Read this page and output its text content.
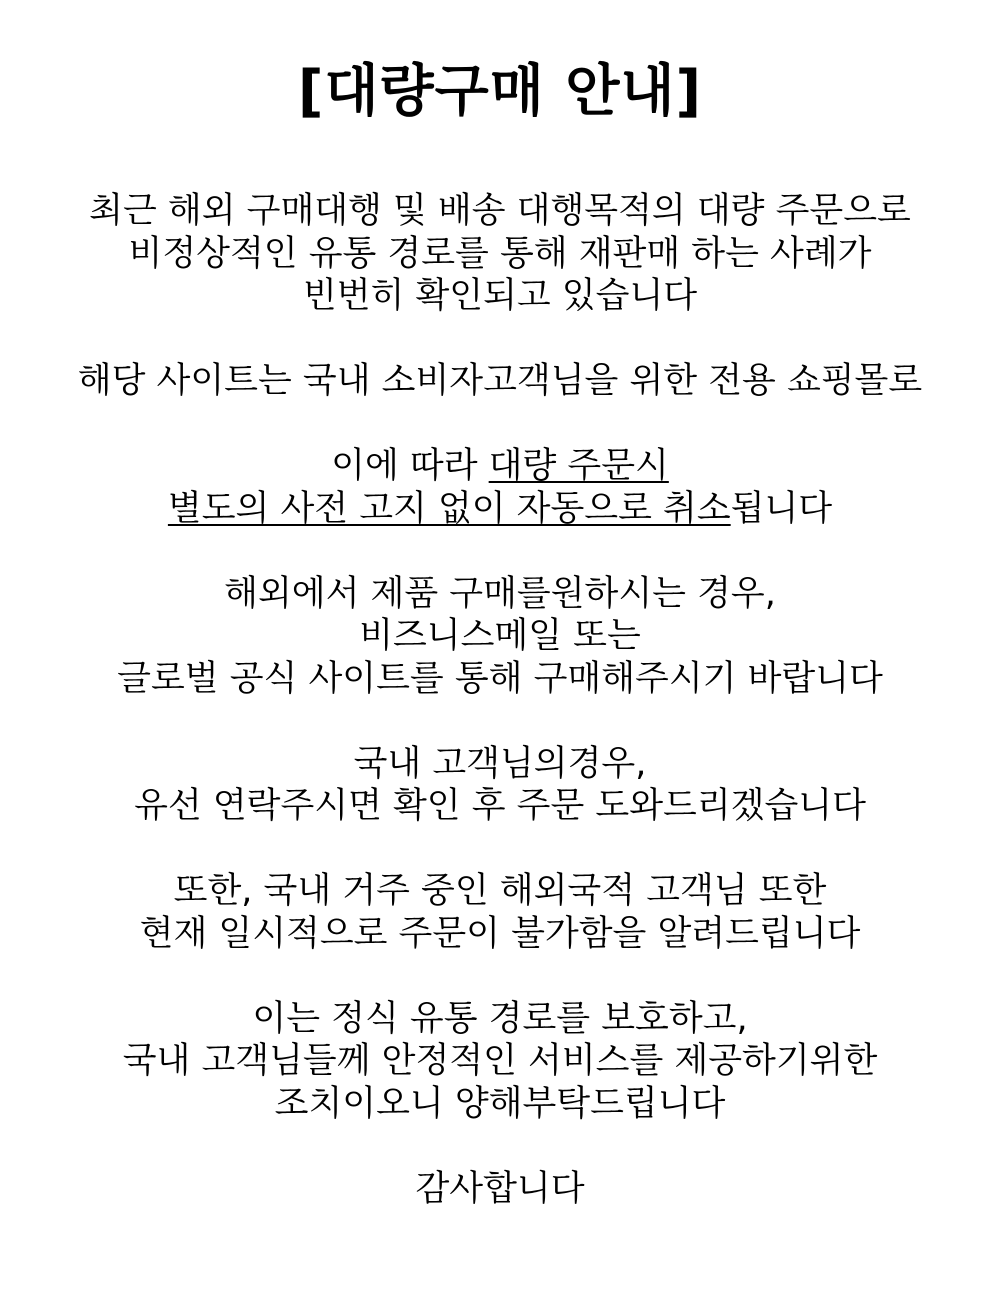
[대량구매 안내]
최근 해외 구매대행 및 배송 대행목적의 대량 주문으로
비정상적인 유통 경로를 통해 재판매 하는 사례가
빈번히 확인되고 있습니다
해당 사이트는 국내 소비자고객님을 위한 전용 쇼핑몰로
이에 따라 대량 주문시
별도의 사전 고지 없이 자동으로 취소됩니다
해외에서 제품 구매를원하시는 경우,
비즈니스메일 또는
글로벌 공식 사이트를 통해 구매해주시기 바랍니다
국내 고객님의경우,
유선 연락주시면 확인 후 주문 도와드리겠습니다
또한, 국내 거주 중인 해외국적 고객님 또한
현재 일시적으로 주문이 불가함을 알려드립니다
이는 정식 유통 경로를 보호하고,
국내 고객님들께 안정적인 서비스를 제공하기위한
조치이오니 양해부탁드립니다
감사합니다
